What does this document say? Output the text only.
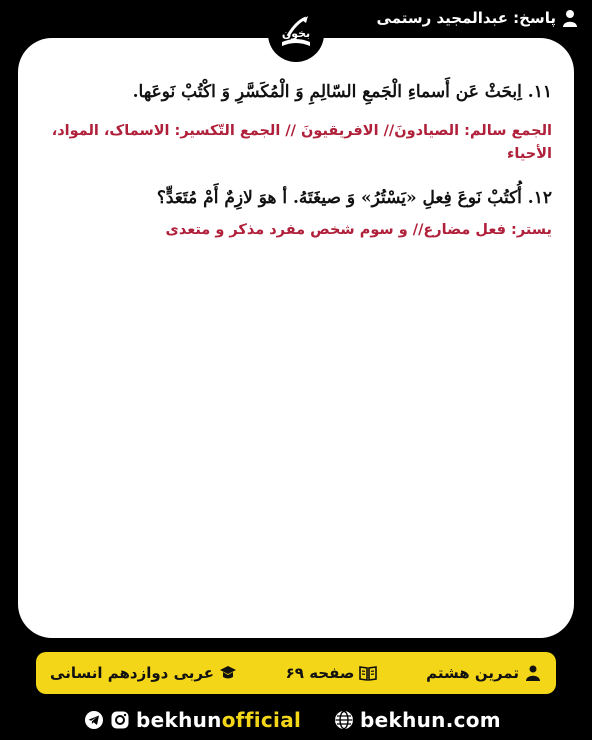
پاسخ: عبدالمجید رستمی
بخون
١١. اِبحَثْ عَن أَسماءِ الْجَمعِ السّالِمِ وَ الْمُكَسَّرِ وَ اكْتُبْ نَوعَها.
الجمع سالم: الصیادونَ// الافریقیونَ // الجمع التّکسیر: الاسماک، المواد، الأحیاء
١٢. أُكتُبْ نَوعَ فِعلِ «يَسْتُرُ» وَ صيغَتَهُ. أ هوَ لازِمٌ أَمْ مُتَعَدٍّ؟
یستر: فعل مضارع// و سوم شخص مفرد مذکر و متعدی
تمرین هشتم
صفحه ۶۹
عربی دوازدهم انسانی
bekhunofficial	bekhun.com
